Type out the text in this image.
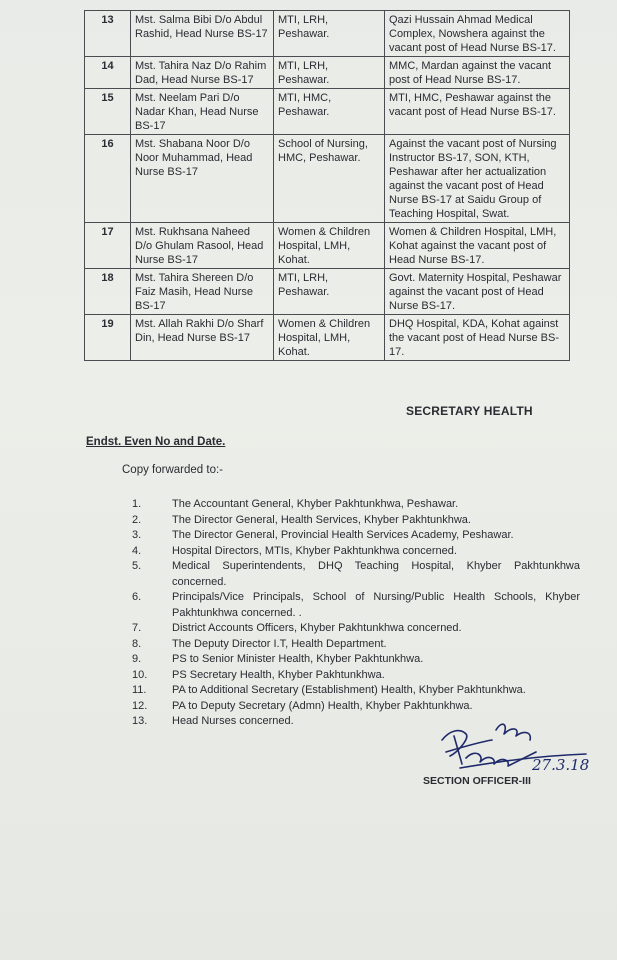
13	Mst. Salma Bibi D/o Abdul Rashid, Head Nurse BS-17	MTI, LRH, Peshawar.	Qazi Hussain Ahmad Medical Complex, Nowshera against the vacant post of Head Nurse BS-17.
14	Mst. Tahira Naz D/o Rahim Dad, Head Nurse BS-17	MTI, LRH, Peshawar.	MMC, Mardan against the vacant post of Head Nurse BS-17.
15	Mst. Neelam Pari D/o Nadar Khan, Head Nurse BS-17	MTI, HMC, Peshawar.	MTI, HMC, Peshawar against the vacant post of Head Nurse BS-17.
16	Mst. Shabana Noor D/o Noor Muhammad, Head Nurse BS-17	School of Nursing, HMC, Peshawar.	Against the vacant post of Nursing Instructor BS-17, SON, KTH, Peshawar after her actualization against the vacant post of Head Nurse BS-17 at Saidu Group of Teaching Hospital, Swat.
17	Mst. Rukhsana Naheed D/o Ghulam Rasool, Head Nurse BS-17	Women & Children Hospital, LMH, Kohat.	Women & Children Hospital, LMH, Kohat against the vacant post of Head Nurse BS-17.
18	Mst. Tahira Shereen D/o Faiz Masih, Head Nurse BS-17	MTI, LRH, Peshawar.	Govt. Maternity Hospital, Peshawar against the vacant post of Head Nurse BS-17.
19	Mst. Allah Rakhi D/o Sharf Din, Head Nurse BS-17	Women & Children Hospital, LMH, Kohat.	DHQ Hospital, KDA, Kohat against the vacant post of Head Nurse BS-17.
SECRETARY HEALTH
Endst. Even No and Date.
Copy forwarded to:-
1.	The Accountant General, Khyber Pakhtunkhwa, Peshawar.
2.	The Director General, Health Services, Khyber Pakhtunkhwa.
3.	The Director General, Provincial Health Services Academy, Peshawar.
4.	Hospital Directors, MTIs, Khyber Pakhtunkhwa concerned.
5.	Medical Superintendents, DHQ Teaching Hospital, Khyber Pakhtunkhwa concerned.
6.	Principals/Vice Principals, School of Nursing/Public Health Schools, Khyber Pakhtunkhwa concerned. .
7.	District Accounts Officers, Khyber Pakhtunkhwa concerned.
8.	The Deputy Director I.T, Health Department.
9.	PS to Senior Minister Health, Khyber Pakhtunkhwa.
10.	PS Secretary Health, Khyber Pakhtunkhwa.
11.	PA to Additional Secretary (Establishment) Health, Khyber Pakhtunkhwa.
12.	PA to Deputy Secretary (Admn) Health, Khyber Pakhtunkhwa.
13.	Head Nurses concerned.
27.3.18
SECTION OFFICER-III
